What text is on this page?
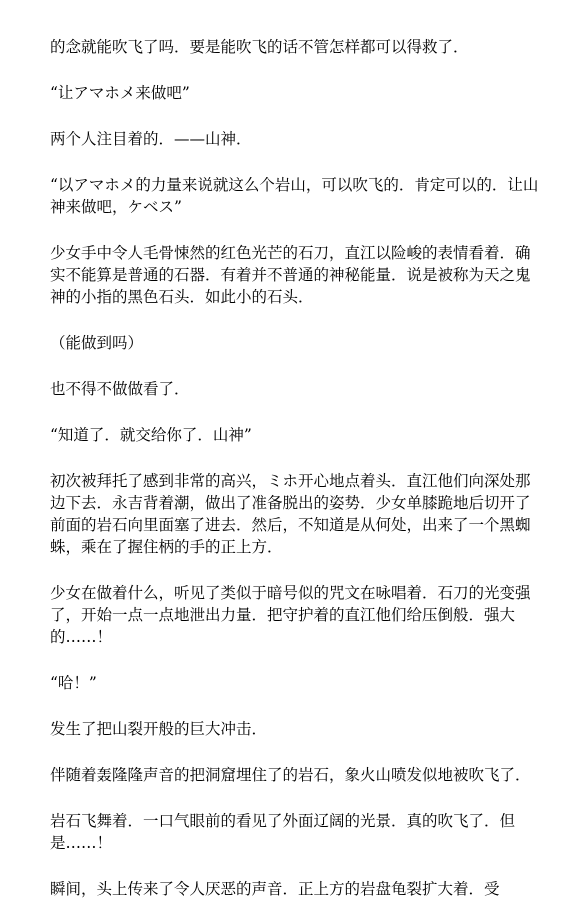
的念就能吹飞了吗．要是能吹飞的话不管怎样都可以得救了．

“让アマホメ来做吧”

两个人注目着的．——山神．

“以アマホメ的力量来说就这么个岩山，可以吹飞的．肯定可以的．让山神来做吧，ケベス”

少女手中令人毛骨悚然的红色光芒的石刀，直江以险峻的表情看着．确实不能算是普通的石器．有着并不普通的神秘能量．说是被称为天之鬼神的小指的黑色石头．如此小的石头．

（能做到吗）

也不得不做做看了．

“知道了．就交给你了．山神”

初次被拜托了感到非常的高兴，ミホ开心地点着头．直江他们向深处那边下去．永吉背着潮，做出了准备脱出的姿势．少女单膝跪地后切开了前面的岩石向里面塞了进去．然后，不知道是从何处，出来了一个黑蜘蛛，乘在了握住柄的手的正上方．

少女在做着什么，听见了类似于暗号似的咒文在咏唱着．石刀的光变强了，开始一点一点地泄出力量．把守护着的直江他们给压倒般．强大的……！

“哈！”

发生了把山裂开般的巨大冲击．

伴随着轰隆隆声音的把洞窟埋住了的岩石，象火山喷发似地被吹飞了．

岩石飞舞着．一口气眼前的看见了外面辽阔的光景．真的吹飞了．但是……！

瞬间，头上传来了令人厌恶的声音．正上方的岩盘龟裂扩大着．受
